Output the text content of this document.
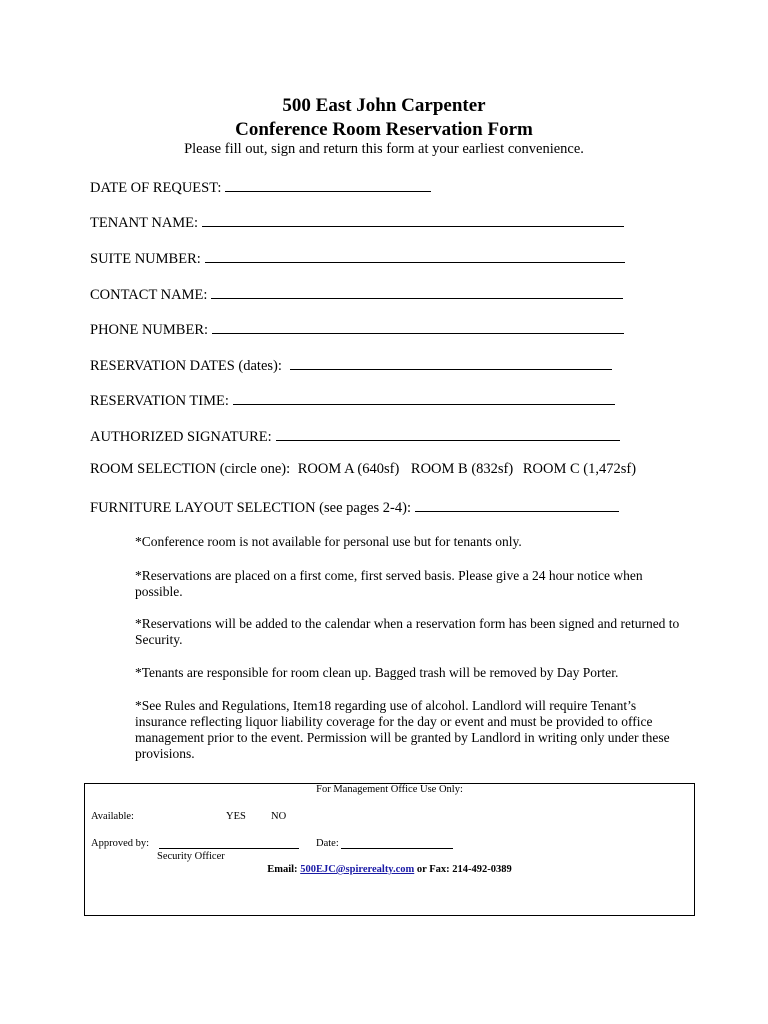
500 East John Carpenter
Conference Room Reservation Form
Please fill out, sign and return this form at your earliest convenience.
DATE OF REQUEST:
TENANT NAME:
SUITE NUMBER:
CONTACT NAME:
PHONE NUMBER:
RESERVATION DATES (dates):
RESERVATION TIME:
AUTHORIZED SIGNATURE:
ROOM SELECTION (circle one): ROOM A (640sf) ROOM B (832sf) ROOM C (1,472sf)
FURNITURE LAYOUT SELECTION (see pages 2-4):
*Conference room is not available for personal use but for tenants only.
*Reservations are placed on a first come, first served basis. Please give a 24 hour notice when possible.
*Reservations will be added to the calendar when a reservation form has been signed and returned to Security.
*Tenants are responsible for room clean up. Bagged trash will be removed by Day Porter.
*See Rules and Regulations, Item18 regarding use of alcohol. Landlord will require Tenant’s insurance reflecting liquor liability coverage for the day or event and must be provided to office management prior to the event. Permission will be granted by Landlord in writing only under these provisions.
For Management Office Use Only:
Available:	YES NO
Approved by:	Date:
Security Officer
Email: 500EJC@spirerealty.com or Fax: 214-492-0389
